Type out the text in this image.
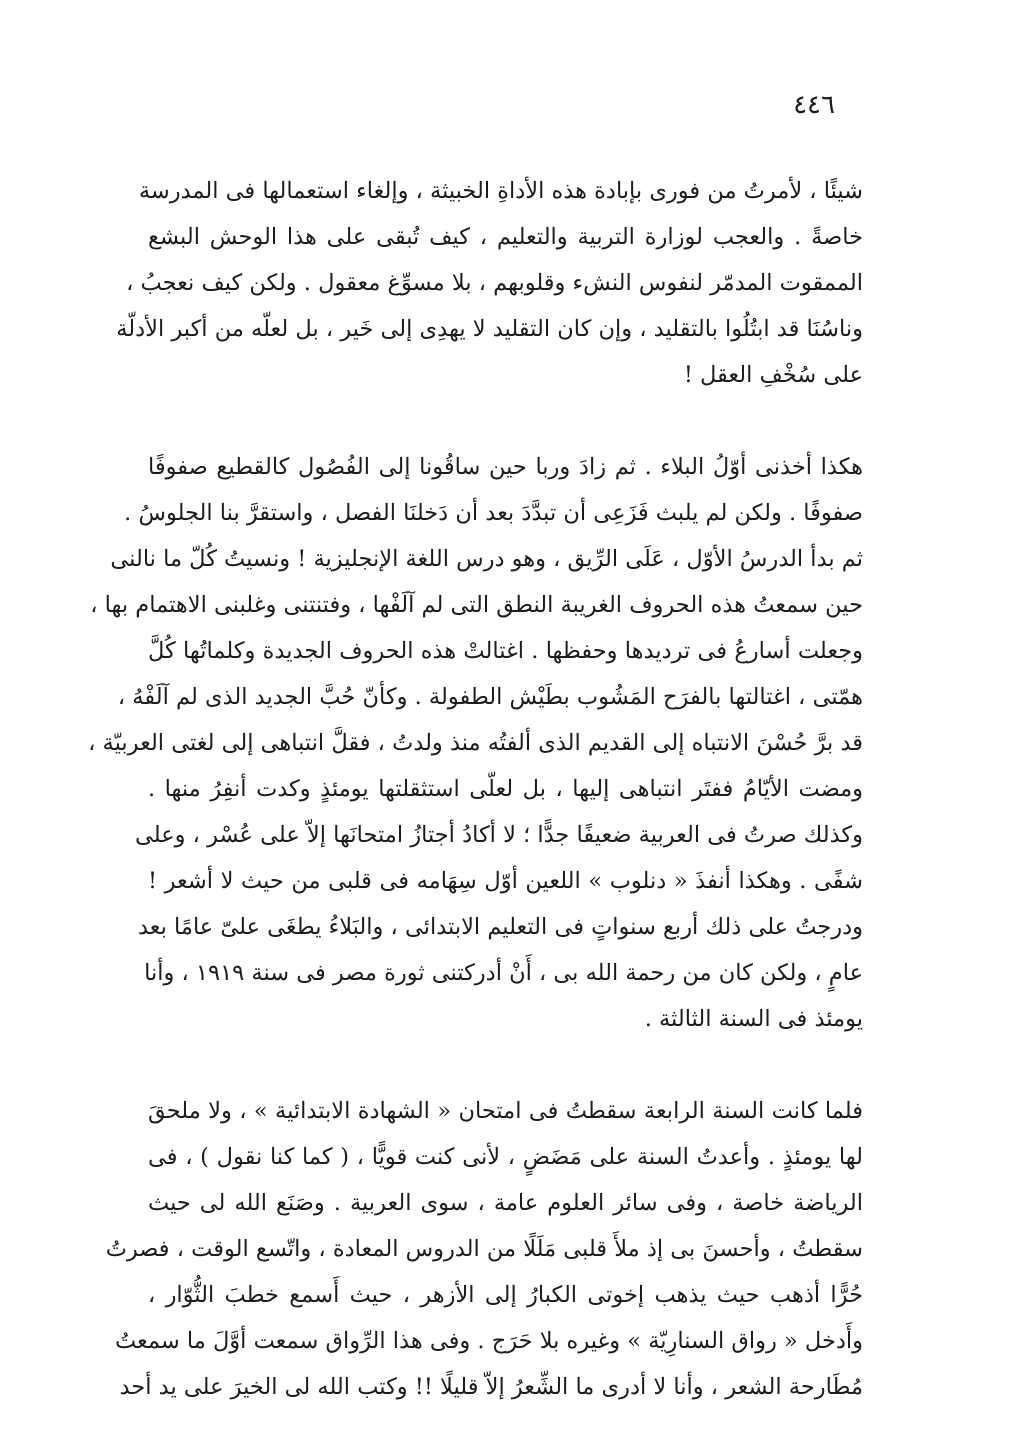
٤٤٦

شيئًا ، لأمرتُ من فورى بإبادة هذه الأداةِ الخبيثة ، وإلغاء استعمالها فى المدرسة
خاصةً . والعجب لوزارة التربية والتعليم ، كيف تُبقى على هذا الوحش البشع
الممقوت المدمّر لنفوس النشء وقلوبهم ، بلا مسوِّغ معقول . ولكن كيف نعجبُ ،
وناسُنَا قد ابتُلُوا بالتقليد ، وإن كان التقليد لا يهدِى إلى خَير ، بل لعلّه من أكبر الأدلّة
على سُخْفِ العقل !

هكذا أخذنى أوّلُ البلاء . ثم زادَ وربا حين ساقُونا إلى الفُصُول كالقطيع صفوفًا
صفوفًا . ولكن لم يلبث فَزَعِى أن تبدَّدَ بعد أن دَخلنَا الفصل ، واستقرَّ بنا الجلوسُ .
ثم بدأ الدرسُ الأوّل ، عَلَى الرِّيق ، وهو درس اللغة الإنجليزية ! ونسيتُ كُلّ ما نالنى
حين سمعتُ هذه الحروف الغريبة النطق التى لم آلَفْها ، وفتنتنى وغلبنى الاهتمام بها ،
وجعلت أسارعُ فى ترديدها وحفظها . اغتالتْ هذه الحروف الجديدة وكلماتُها كُلَّ
همّتى ، اغتالتها بالفرَح المَشُوب بطَيْش الطفولة . وكأنّ حُبَّ الجديد الذى لم آلَفْهُ ،
قد برَّ حُسْنَ الانتباه إلى القديم الذى ألفتُه منذ ولدتُ ، فقلَّ انتباهى إلى لغتى العربيّة ،
ومضت الأيّامُ ففتَر انتباهى إليها ، بل لعلّى استثقلتها يومئذٍ وكدت أنفِرُ منها .
وكذلك صرتُ فى العربية ضعيفًا جدًّا ؛ لا أكادُ أجتازُ امتحانَها إلاّ على عُسْر ، وعلى
شفًى . وهكذا أنفذَ « دنلوب » اللعين أوّل سِهَامه فى قلبى من حيث لا أشعر !
ودرجتُ على ذلك أربع سنواتٍ فى التعليم الابتدائى ، والبَلاءُ يطغَى علىّ عامًا بعد
عامٍ ، ولكن كان من رحمة الله بى ، أَنْ أدركتنى ثورة مصر فى سنة ١٩١٩ ، وأنا
يومئذ فى السنة الثالثة .

فلما كانت السنة الرابعة سقطتُ فى امتحان « الشهادة الابتدائية » ، ولا ملحقَ
لها يومئذٍ . وأعدتُ السنة على مَضَضٍ ، لأنى كنت قويًّا ، ( كما كنا نقول ) ، فى
الرياضة خاصة ، وفى سائر العلوم عامة ، سوى العربية . وصَنَع الله لى حيث
سقطتُ ، وأحسنَ بى إذ ملأَ قلبى مَلَلًا من الدروس المعادة ، واتّسع الوقت ، فصرتُ
حُرًّا أذهب حيث يذهب إخوتى الكبارُ إلى الأزهر ، حيث أَسمع خطبَ الثُّوّار ،
وأَدخل « رواق السنارِيّة » وغيره بلا حَرَج . وفى هذا الرِّواق سمعت أوَّلَ ما سمعتُ
مُطَارحة الشعر ، وأنا لا أدرى ما الشِّعرُ إلاّ قليلًا !! وكتب الله لى الخيرَ على يد أحد
